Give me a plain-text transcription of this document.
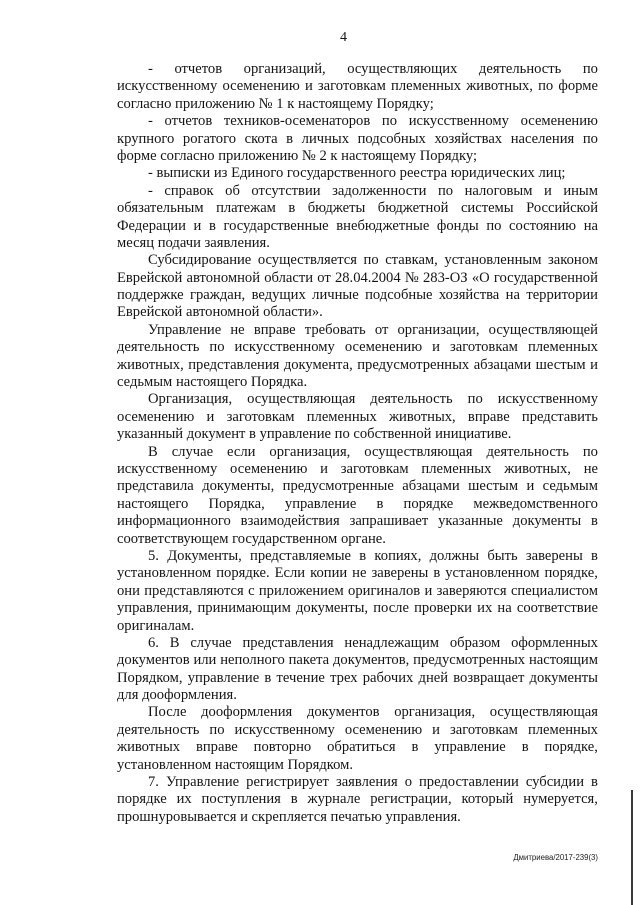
4
- отчетов организаций, осуществляющих деятельность по
искусственному осеменению и заготовкам племенных животных, по форме
согласно приложению № 1 к настоящему Порядку;
- отчетов техников-осеменаторов по искусственному осеменению
крупного рогатого скота в личных подсобных хозяйствах населения по
форме согласно приложению № 2 к настоящему Порядку;
- выписки из Единого государственного реестра юридических лиц;
- справок об отсутствии задолженности по налоговым и иным
обязательным платежам в бюджеты бюджетной системы Российской
Федерации и в государственные внебюджетные фонды по состоянию на
месяц подачи заявления.
Субсидирование осуществляется по ставкам, установленным законом
Еврейской автономной области от 28.04.2004 № 283-ОЗ «О государственной
поддержке граждан, ведущих личные подсобные хозяйства на территории
Еврейской автономной области».
Управление не вправе требовать от организации, осуществляющей
деятельность по искусственному осеменению и заготовкам племенных
животных, представления документа, предусмотренных абзацами шестым и
седьмым настоящего Порядка.
Организация, осуществляющая деятельность по искусственному
осеменению и заготовкам племенных животных, вправе представить
указанный документ в управление по собственной инициативе.
В случае если организация, осуществляющая деятельность по
искусственному осеменению и заготовкам племенных животных, не
представила документы, предусмотренные абзацами шестым и седьмым
настоящего Порядка, управление в порядке межведомственного
информационного взаимодействия запрашивает указанные документы в
соответствующем государственном органе.
5. Документы, представляемые в копиях, должны быть заверены в
установленном порядке. Если копии не заверены в установленном порядке,
они представляются с приложением оригиналов и заверяются специалистом
управления, принимающим документы, после проверки их на соответствие
оригиналам.
6. В случае представления ненадлежащим образом оформленных
документов или неполного пакета документов, предусмотренных настоящим
Порядком, управление в течение трех рабочих дней возвращает документы
для дооформления.
После дооформления документов организация, осуществляющая
деятельность по искусственному осеменению и заготовкам племенных
животных вправе повторно обратиться в управление в порядке,
установленном настоящим Порядком.
7. Управление регистрирует заявления о предоставлении субсидии в
порядке их поступления в журнале регистрации, который нумеруется,
прошнуровывается и скрепляется печатью управления.
Дмитриева/2017-239(3)
